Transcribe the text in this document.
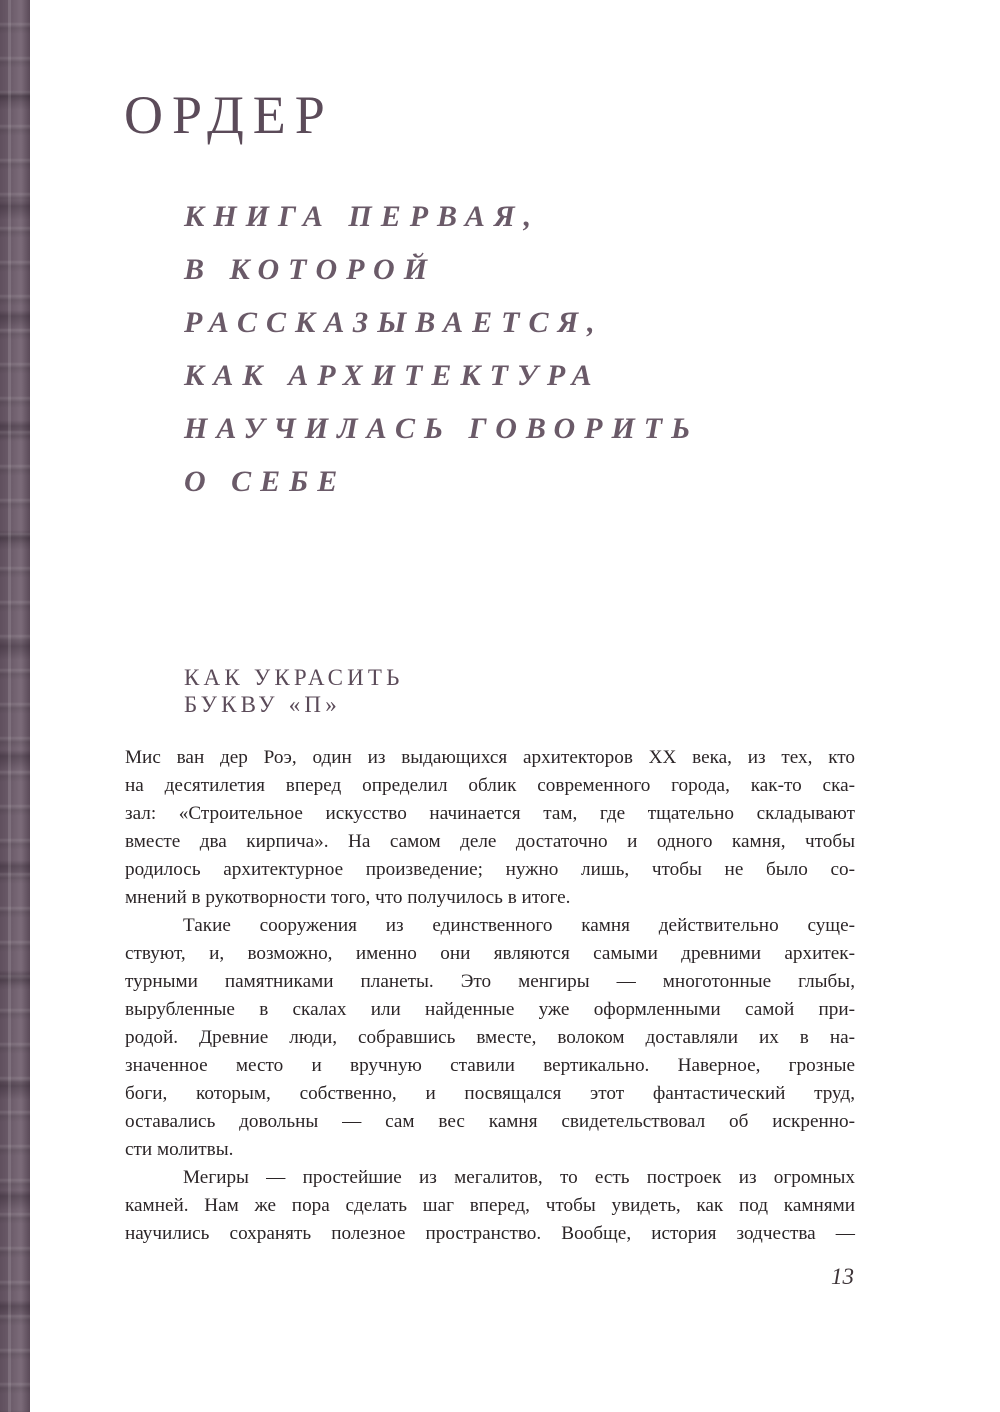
ОРДЕР
КНИГА ПЕРВАЯ,
В КОТОРОЙ
РАССКАЗЫВАЕТСЯ,
КАК АРХИТЕКТУРА
НАУЧИЛАСЬ ГОВОРИТЬ
О СЕБЕ
КАК УКРАСИТЬ
БУКВУ «П»
Мис ван дер Роэ, один из выдающихся архитекторов XX века, из тех, кто
на десятилетия вперед определил облик современного города, как-то ска-
зал: «Строительное искусство начинается там, где тщательно складывают
вместе два кирпича». На самом деле достаточно и одного камня, чтобы
родилось архитектурное произведение; нужно лишь, чтобы не было со-
мнений в рукотворности того, что получилось в итоге.
Такие сооружения из единственного камня действительно суще-
ствуют, и, возможно, именно они являются самыми древними архитек-
турными памятниками планеты. Это менгиры — многотонные глыбы,
вырубленные в скалах или найденные уже оформленными самой при-
родой. Древние люди, собравшись вместе, волоком доставляли их в на-
значенное место и вручную ставили вертикально. Наверное, грозные
боги, которым, собственно, и посвящался этот фантастический труд,
оставались довольны — сам вес камня свидетельствовал об искренно-
сти молитвы.
Мегиры — простейшие из мегалитов, то есть построек из огромных
камней. Нам же пора сделать шаг вперед, чтобы увидеть, как под камнями
научились сохранять полезное пространство. Вообще, история зодчества —

13
